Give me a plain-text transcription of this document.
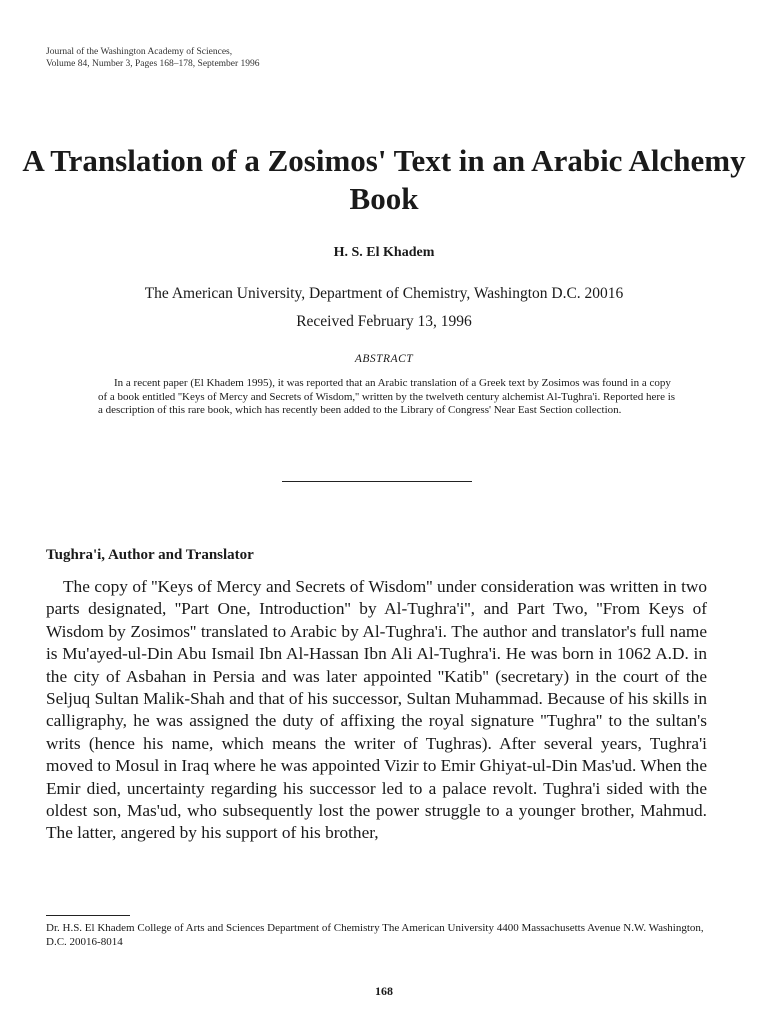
Journal of the Washington Academy of Sciences,
Volume 84, Number 3, Pages 168–178, September 1996
A Translation of a Zosimos' Text in an Arabic Alchemy Book
H. S. El Khadem
The American University, Department of Chemistry, Washington D.C. 20016
Received February 13, 1996
ABSTRACT

In a recent paper (El Khadem 1995), it was reported that an Arabic translation of a Greek text by Zosimos was found in a copy of a book entitled ''Keys of Mercy and Secrets of Wisdom,'' written by the twelveth century alchemist Al-Tughra'i. Reported here is a description of this rare book, which has recently been added to the Library of Congress' Near East Section collection.

Tughra'i, Author and Translator

The copy of ''Keys of Mercy and Secrets of Wisdom'' under consideration was written in two parts designated, ''Part One, Introduction'' by Al-Tughra'i'', and Part Two, ''From Keys of Wisdom by Zosimos'' translated to Arabic by Al-Tughra'i. The author and translator's full name is Mu'ayed-ul-Din Abu Ismail Ibn Al-Hassan Ibn Ali Al-Tughra'i. He was born in 1062 A.D. in the city of Asbahan in Persia and was later appointed ''Katib'' (secretary) in the court of the Seljuq Sultan Malik-Shah and that of his successor, Sultan Muhammad. Because of his skills in calligraphy, he was assigned the duty of affixing the royal signature ''Tughra'' to the sultan's writs (hence his name, which means the writer of Tughras). After several years, Tughra'i moved to Mosul in Iraq where he was appointed Vizir to Emir Ghiyat-ul-Din Mas'ud. When the Emir died, uncertainty regarding his successor led to a palace revolt. Tughra'i sided with the oldest son, Mas'ud, who subsequently lost the power struggle to a younger brother, Mahmud. The latter, angered by his support of his brother,

Dr. H.S. El Khadem College of Arts and Sciences Department of Chemistry The American University 4400 Massachusetts Avenue N.W. Washington, D.C. 20016-8014

168
